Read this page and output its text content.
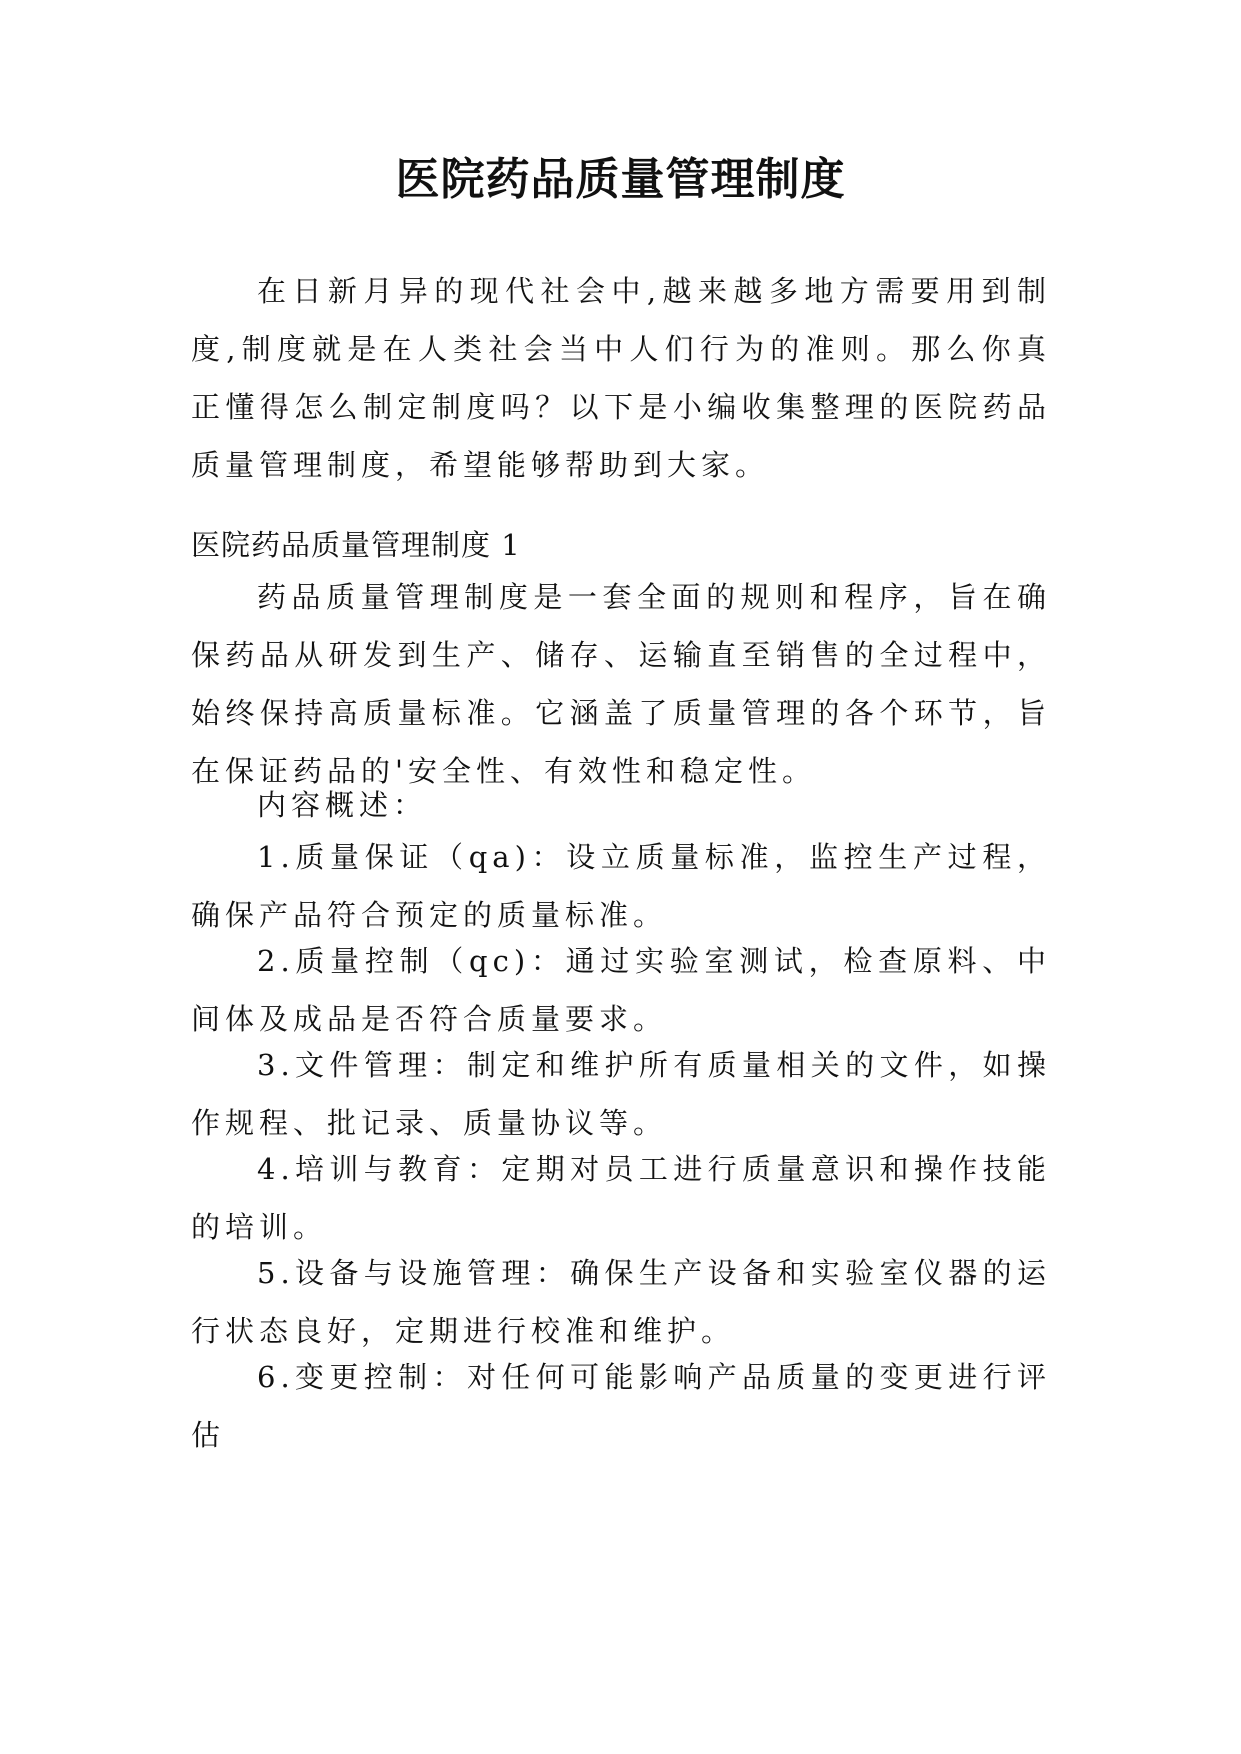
医院药品质量管理制度

在日新月异的现代社会中,越来越多地方需要用到制度,制度就是在人类社会当中人们行为的准则。那么你真正懂得怎么制定制度吗？以下是小编收集整理的医院药品质量管理制度，希望能够帮助到大家。

医院药品质量管理制度 1

药品质量管理制度是一套全面的规则和程序，旨在确保药品从研发到生产、储存、运输直至销售的全过程中，始终保持高质量标准。它涵盖了质量管理的各个环节，旨在保证药品的'安全性、有效性和稳定性。

内容概述：

1.质量保证（qa)：设立质量标准，监控生产过程，确保产品符合预定的质量标准。

2.质量控制（qc)：通过实验室测试，检查原料、中间体及成品是否符合质量要求。

3.文件管理：制定和维护所有质量相关的文件，如操作规程、批记录、质量协议等。

4.培训与教育：定期对员工进行质量意识和操作技能的培训。

5.设备与设施管理：确保生产设备和实验室仪器的运行状态良好，定期进行校准和维护。

6.变更控制：对任何可能影响产品质量的变更进行评估
